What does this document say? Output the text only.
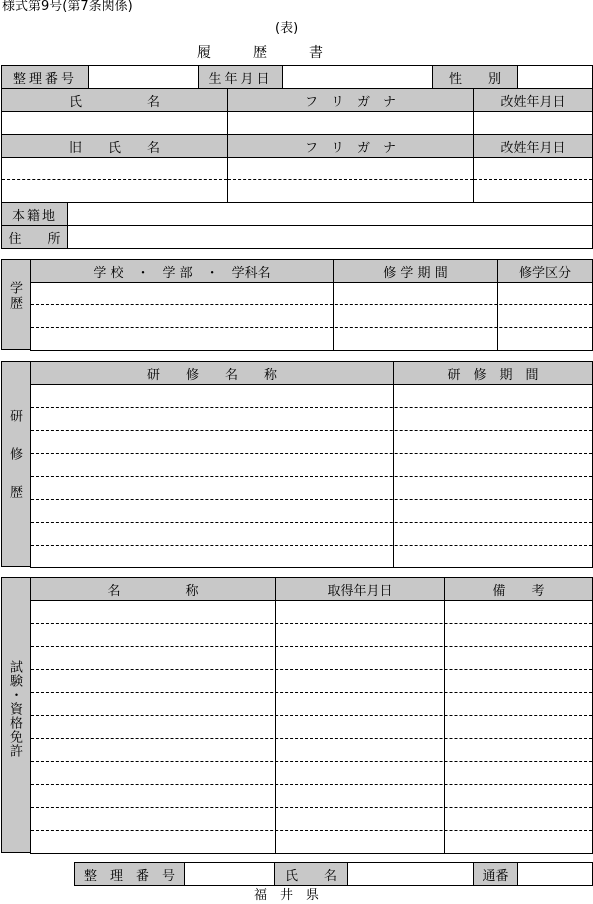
様式第9号(第7条関係)
(表)
履　　　歴　　　書
整理番号		生年月日		性　　別	
氏　　　　　名	フ　リ　ガ　ナ	改姓年月日

旧　　氏　　名	フ　リ　ガ　ナ	改姓年月日

本籍地	
住　　所	
学歴
学 校　・　学 部　・　学科名	修 学 期 間	修学区分

研修歴
研　　修　　名　　称	研　修　期　間

試験・資格免許
名　　　　　称	取得年月日	備　　考

整　理　番　号		氏　　名		通番	
福　井　県
